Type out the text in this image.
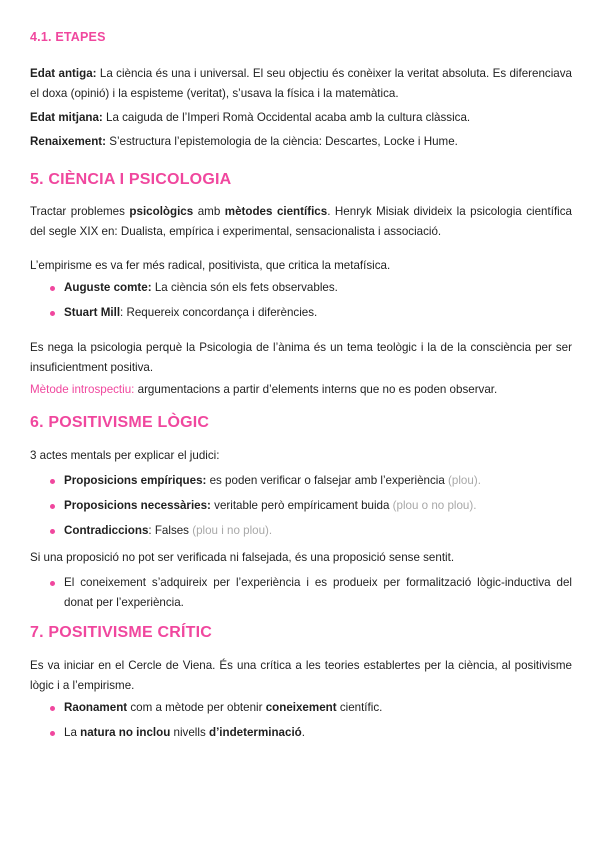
4.1. ETAPES
Edat antiga: La ciència és una i universal. El seu objectiu és conèixer la veritat absoluta. Es diferenciava el doxa (opinió) i la espisteme (veritat), s’usava la física i la matemàtica.
Edat mitjana: La caiguda de l’Imperi Romà Occidental acaba amb la cultura clàssica.
Renaixement: S’estructura l’epistemologia de la ciència: Descartes, Locke i Hume.
5. CIÈNCIA I PSICOLOGIA
Tractar problemes psicològics amb mètodes científics. Henryk Misiak divideix la psicologia científica del segle XIX en: Dualista, empírica i experimental, sensacionalista i associació.
L’empirisme es va fer més radical, positivista, que critica la metafísica.
Auguste comte: La ciència són els fets observables.
Stuart Mill: Requereix concordança i diferències.
Es nega la psicologia perquè la Psicologia de l’ànima és un tema teològic i la de la consciència per ser insuficientment positiva.
Mètode introspectiu: argumentacions a partir d’elements interns que no es poden observar.
6. POSITIVISME LÒGIC
3 actes mentals per explicar el judici:
Proposicions empíriques: es poden verificar o falsejar amb l’experiència (plou).
Proposicions necessàries: veritable però empíricament buida (plou o no plou).
Contradiccions: Falses (plou i no plou).
Si una proposició no pot ser verificada ni falsejada, és una proposició sense sentit.
El coneixement s’adquireix per l’experiència i es produeix per formalització lògic-inductiva del donat per l’experiència.
7. POSITIVISME CRÍTIC
Es va iniciar en el Cercle de Viena. És una crítica a les teories establertes per la ciència, al positivisme lògic i a l’empirisme.
Raonament com a mètode per obtenir coneixement científic.
La natura no inclou nivells d’indeterminació.
